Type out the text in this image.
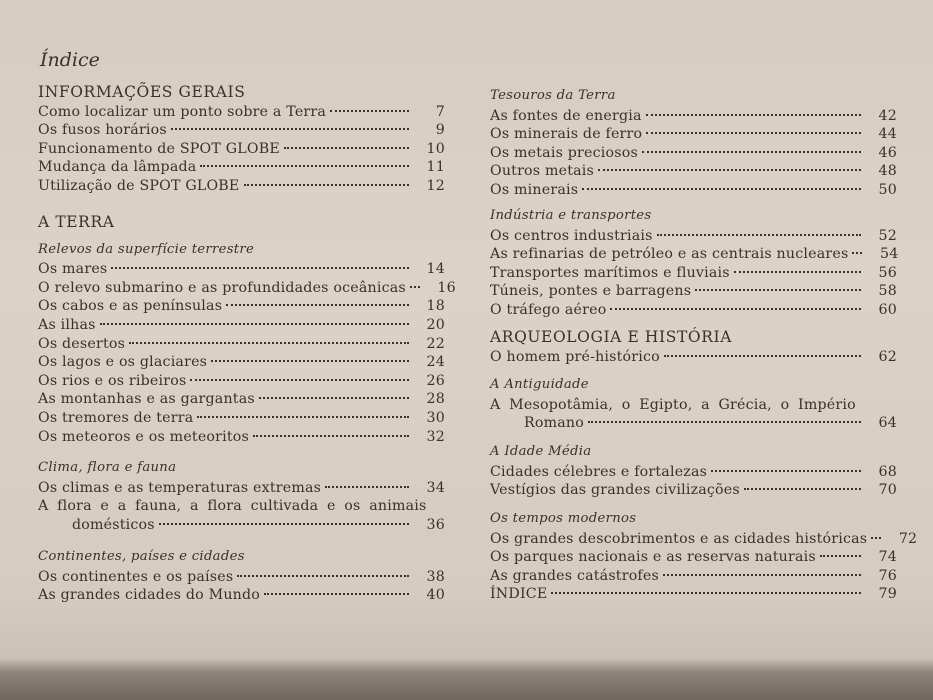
Índice
INFORMAÇÕES GERAIS
Como localizar um ponto sobre a Terra	7
Os fusos horários	9
Funcionamento de SPOT GLOBE	10
Mudança da lâmpada	11
Utilização de SPOT GLOBE	12
A TERRA
Relevos da superfície terrestre
Os mares	14
O relevo submarino e as profundidades oceânicas	16
Os cabos e as penínsulas	18
As ilhas	20
Os desertos	22
Os lagos e os glaciares	24
Os rios e os ribeiros	26
As montanhas e as gargantas	28
Os tremores de terra	30
Os meteoros e os meteoritos	32
Clima, flora e fauna
Os climas e as temperaturas extremas	34
A flora e a fauna, a flora cultivada e os animais
domésticos	36
Continentes, países e cidades
Os continentes e os países	38
As grandes cidades do Mundo	40
Tesouros da Terra
As fontes de energia	42
Os minerais de ferro	44
Os metais preciosos	46
Outros metais	48
Os minerais	50
Indústria e transportes
Os centros industriais	52
As refinarias de petróleo e as centrais nucleares	54
Transportes marítimos e fluviais	56
Túneis, pontes e barragens	58
O tráfego aéreo	60
ARQUEOLOGIA E HISTÓRIA
O homem pré-histórico	62
A Antiguidade
A Mesopotâmia, o Egipto, a Grécia, o Império
Romano	64
A Idade Média
Cidades célebres e fortalezas	68
Vestígios das grandes civilizações	70
Os tempos modernos
Os grandes descobrimentos e as cidades históricas	72
Os parques nacionais e as reservas naturais	74
As grandes catástrofes	76
ÍNDICE	79
